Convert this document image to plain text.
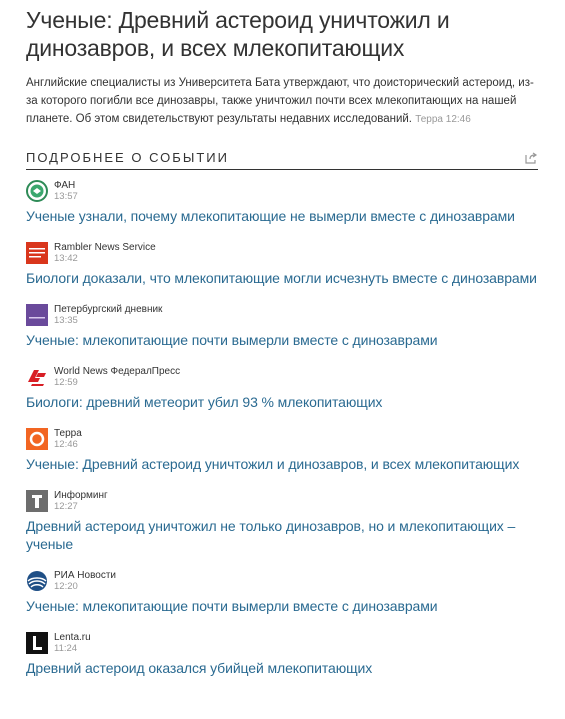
Ученые: Древний астероид уничтожил и динозавров, и всех млекопитающих

Английские специалисты из Университета Бата утверждают, что доисторический астероид, из-за которого погибли все динозавры, также уничтожил почти всех млекопитающих на нашей планете. Об этом свидетельствуют результаты недавних исследований. Терра 12:46

ПОДРОБНЕЕ О СОБЫТИИ
ФАН
13:57
Ученые узнали, почему млекопитающие не вымерли вместе с динозаврами
Rambler News Service
13:42
Биологи доказали, что млекопитающие могли исчезнуть вместе с динозаврами
Петербургский дневник
13:35
Ученые: млекопитающие почти вымерли вместе с динозаврами
World News ФедералПресс
12:59
Биологи: древний метеорит убил 93 % млекопитающих
Терра
12:46
Ученые: Древний астероид уничтожил и динозавров, и всех млекопитающих
Информинг
12:27
Древний астероид уничтожил не только динозавров, но и млекопитающих – ученые
РИА Новости
12:20
Ученые: млекопитающие почти вымерли вместе с динозаврами
Lenta.ru
11:24
Древний астероид оказался убийцей млекопитающих
